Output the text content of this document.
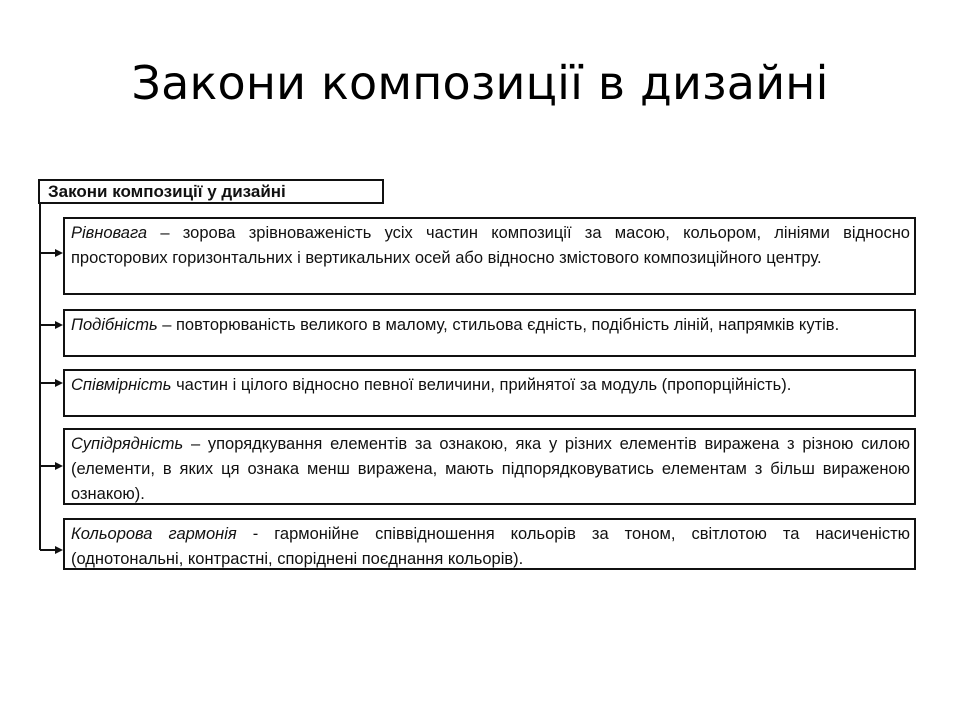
Закони композиції в дизайні
Закони композиції у дизайні
Рівновага – зорова зрівноваженість усіх частин композиції за масою, кольором, лініями відносно просторових горизонтальних і вертикальних осей або відносно змістового композиційного центру.
Подібність – повторюваність великого в малому, стильова єдність, подібність ліній, напрямків кутів.
Співмірність частин і цілого відносно певної величини, прийнятої за модуль (пропорційність).
Супідрядність – упорядкування елементів за ознакою, яка у різних елементів виражена з різною силою (елементи, в яких ця ознака менш виражена, мають підпорядковуватись елементам з більш вираженою ознакою).
Кольорова гармонія - гармонійне співвідношення кольорів за тоном, світлотою та насиченістю (однотональні, контрастні, споріднені поєднання кольорів).
